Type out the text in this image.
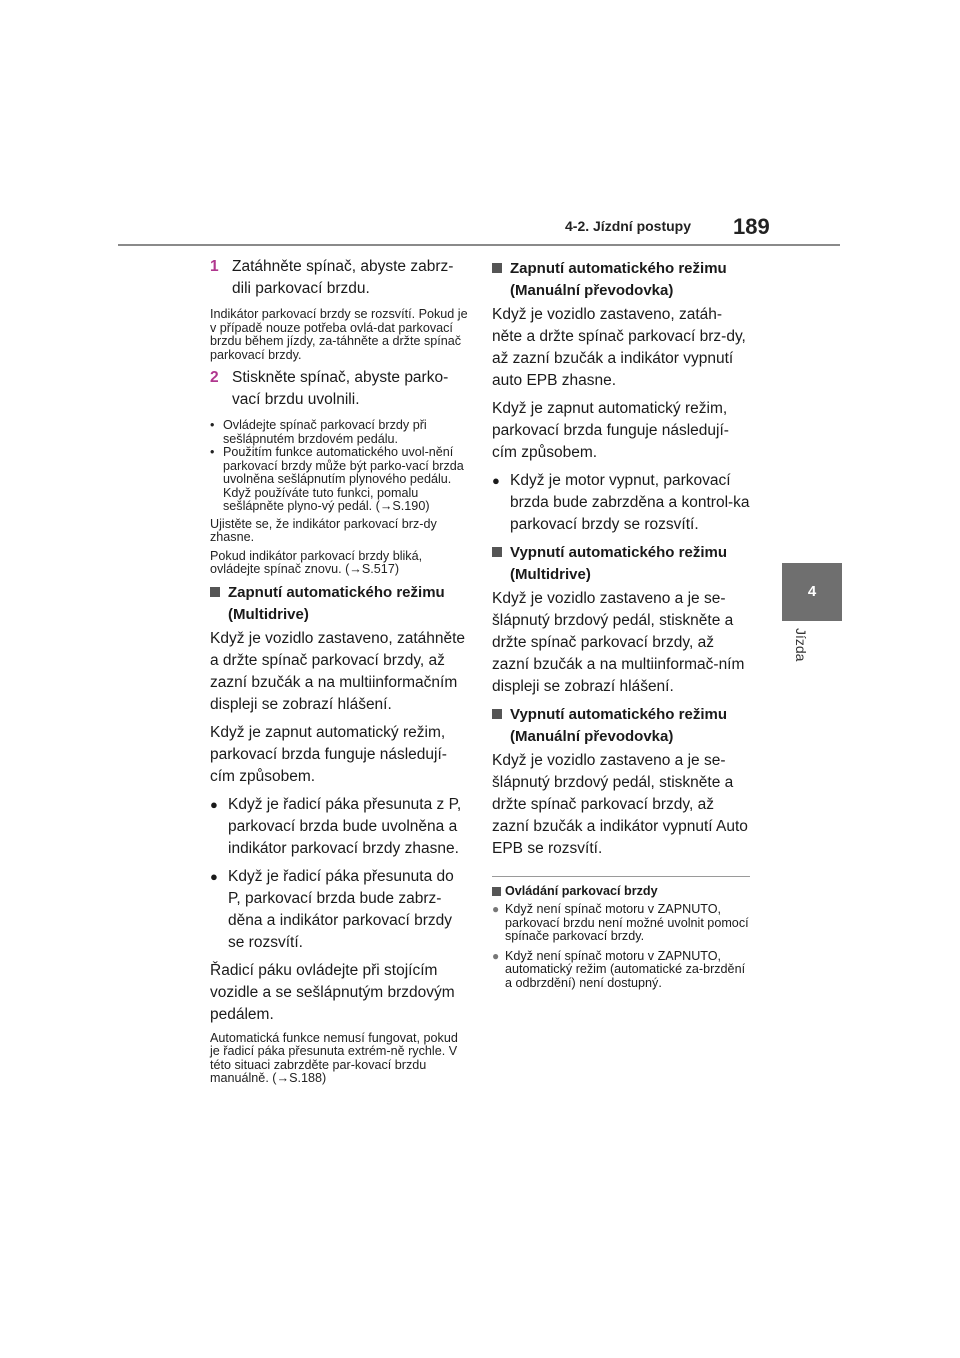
4-2. Jízdní postupy 189
4
Jízda
1 Zatáhněte spínač, abyste zabrz-dili parkovací brzdu.

Indikátor parkovací brzdy se rozsvítí. Pokud je v případě nouze potřeba ovlá-dat parkovací brzdu během jízdy, za-táhněte a držte spínač parkovací brzdy.

2 Stiskněte spínač, abyste parko-vací brzdu uvolnili.
• Ovládejte spínač parkovací brzdy při sešlápnutém brzdovém pedálu.
• Použitím funkce automatického uvol-nění parkovací brzdy může být parko-vací brzda uvolněna sešlápnutím plynového pedálu. Když používáte tuto funkci, pomalu sešlápněte plyno-vý pedál. (→S.190)

Ujistěte se, že indikátor parkovací brz-dy zhasne.

Pokud indikátor parkovací brzdy bliká, ovládejte spínač znovu. (→S.517)

Zapnutí automatického režimu (Multidrive)

Když je vozidlo zastaveno, zatáhněte a držte spínač parkovací brzdy, až zazní bzučák a na multiinformačním displeji se zobrazí hlášení.

Když je zapnut automatický režim, parkovací brzda funguje následují-cím způsobem.

● Když je řadicí páka přesunuta z P, parkovací brzda bude uvolněna a indikátor parkovací brzdy zhasne.
● Když je řadicí páka přesunuta do P, parkovací brzda bude zabrz-děna a indikátor parkovací brzdy se rozsvítí.

Řadicí páku ovládejte při stojícím vozidle a se sešlápnutým brzdovým pedálem.

Automatická funkce nemusí fungovat, pokud je řadicí páka přesunuta extrém-ně rychle. V této situaci zabrzděte par-kovací brzdu manuálně. (→S.188)

Zapnutí automatického režimu (Manuální převodovka)

Když je vozidlo zastaveno, zatáh-něte a držte spínač parkovací brz-dy, až zazní bzučák a indikátor vypnutí auto EPB zhasne.

Když je zapnut automatický režim, parkovací brzda funguje následují-cím způsobem.

● Když je motor vypnut, parkovací brzda bude zabrzděna a kontrol-ka parkovací brzdy se rozsvítí.
Vypnutí automatického režimu (Multidrive)

Když je vozidlo zastaveno a je se-šlápnutý brzdový pedál, stiskněte a držte spínač parkovací brzdy, až zazní bzučák a na multiinformač-ním displeji se zobrazí hlášení.

Vypnutí automatického režimu (Manuální převodovka)

Když je vozidlo zastaveno a je se-šlápnutý brzdový pedál, stiskněte a držte spínač parkovací brzdy, až zazní bzučák a indikátor vypnutí Auto EPB se rozsvítí.

Ovládání parkovací brzdy
● Když není spínač motoru v ZAPNUTO, parkovací brzdu není možné uvolnit pomocí spínače parkovací brzdy.
● Když není spínač motoru v ZAPNUTO, automatický režim (automatické za-brzdění a odbrzdění) není dostupný.
